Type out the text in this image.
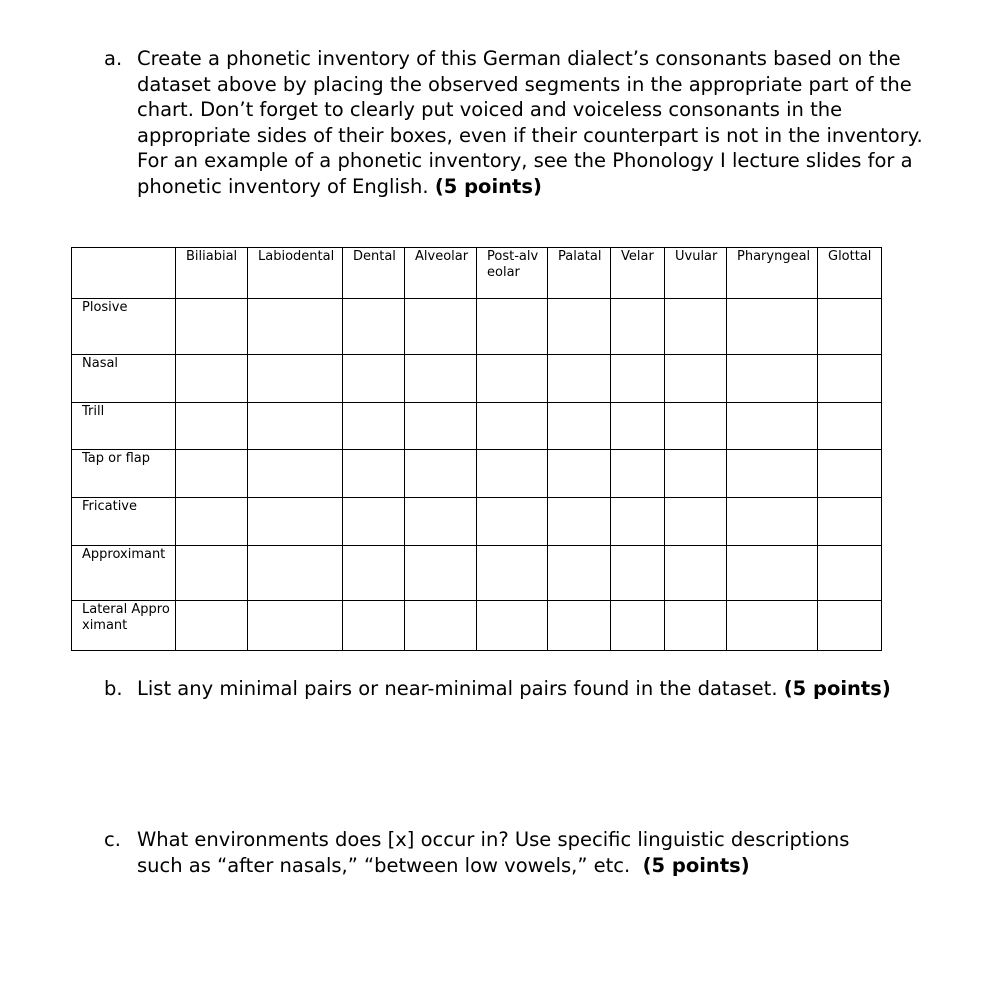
a. Create a phonetic inventory of this German dialect’s consonants based on the dataset above by placing the observed segments in the appropriate part of the chart. Don’t forget to clearly put voiced and voiceless consonants in the appropriate sides of their boxes, even if their counterpart is not in the inventory. For an example of a phonetic inventory, see the Phonology I lecture slides for a phonetic inventory of English. (5 points)
	Biliabial	Labiodental	Dental	Alveolar	Post-alveolar	Palatal	Velar	Uvular	Pharyngeal	Glottal
Plosive										
Nasal										
Trill										
Tap or flap										
Fricative										
Approximant										
Lateral Approximant										
b. List any minimal pairs or near-minimal pairs found in the dataset. (5 points)
c. What environments does [x] occur in? Use specific linguistic descriptions such as “after nasals,” “between low vowels,” etc. (5 points)
